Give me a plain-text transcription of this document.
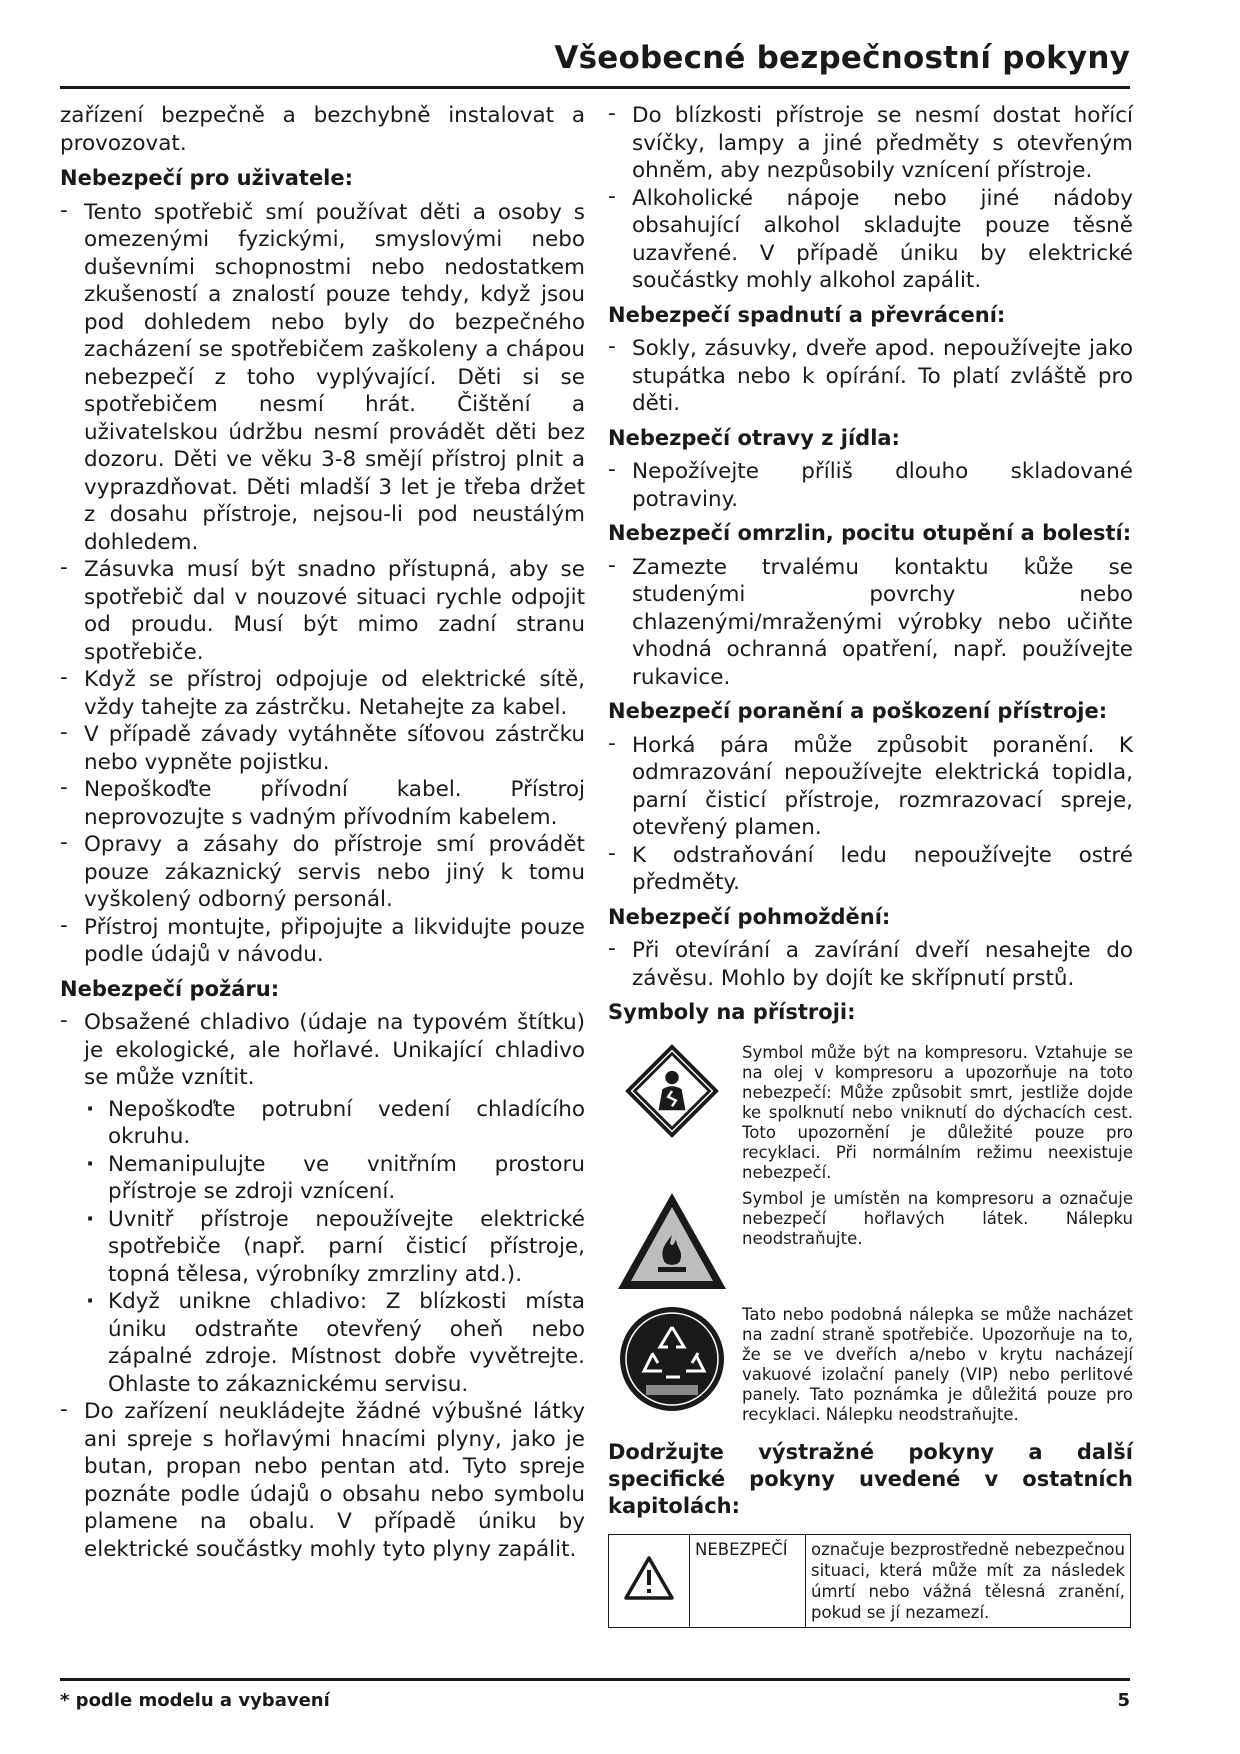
Všeobecné bezpečnostní pokyny

zařízení bezpečně a bezchybně instalovat a provozovat.

Nebezpečí pro uživatele:
- Tento spotřebič smí používat děti a osoby s omezenými fyzickými, smyslovými nebo duševními schopnostmi nebo nedostatkem zkušeností a znalostí pouze tehdy, když jsou pod dohledem nebo byly do bezpečného zacházení se spotřebičem zaškoleny a chápou nebezpečí z toho vyplývající. Děti si se spotřebičem nesmí hrát. Čištění a uživatelskou údržbu nesmí provádět děti bez dozoru. Děti ve věku 3-8 smějí přístroj plnit a vyprazdňovat. Děti mladší 3 let je třeba držet z dosahu přístroje, nejsou-li pod neustálým dohledem.
- Zásuvka musí být snadno přístupná, aby se spotřebič dal v nouzové situaci rychle odpojit od proudu. Musí být mimo zadní stranu spotřebiče.
- Když se přístroj odpojuje od elektrické sítě, vždy tahejte za zástrčku. Netahejte za kabel.
- V případě závady vytáhněte síťovou zástrčku nebo vypněte pojistku.
- Nepoškoďte přívodní kabel. Přístroj neprovozujte s vadným přívodním kabelem.
- Opravy a zásahy do přístroje smí provádět pouze zákaznický servis nebo jiný k tomu vyškolený odborný personál.
- Přístroj montujte, připojujte a likvidujte pouze podle údajů v návodu.
Nebezpečí požáru:
- Obsažené chladivo (údaje na typovém štítku) je ekologické, ale hořlavé. Unikající chladivo se může vznítit.
· Nepoškoďte potrubní vedení chladícího okruhu.
· Nemanipulujte ve vnitřním prostoru přístroje se zdroji vznícení.
· Uvnitř přístroje nepoužívejte elektrické spotřebiče (např. parní čisticí přístroje, topná tělesa, výrobníky zmrzliny atd.).
· Když unikne chladivo: Z blízkosti místa úniku odstraňte otevřený oheň nebo zápalné zdroje. Místnost dobře vyvětrejte. Ohlaste to zákaznickému servisu.
- Do zařízení neukládejte žádné výbušné látky ani spreje s hořlavými hnacími plyny, jako je butan, propan nebo pentan atd. Tyto spreje poznáte podle údajů o obsahu nebo symbolu plamene na obalu. V případě úniku by elektrické součástky mohly tyto plyny zapálit.
- Do blízkosti přístroje se nesmí dostat hořící svíčky, lampy a jiné předměty s otevřeným ohněm, aby nezpůsobily vznícení přístroje.
- Alkoholické nápoje nebo jiné nádoby obsahující alkohol skladujte pouze těsně uzavřené. V případě úniku by elektrické součástky mohly alkohol zapálit.
Nebezpečí spadnutí a převrácení:
- Sokly, zásuvky, dveře apod. nepoužívejte jako stupátka nebo k opírání. To platí zvláště pro děti.
Nebezpečí otravy z jídla:
- Nepožívejte příliš dlouho skladované potraviny.
Nebezpečí omrzlin, pocitu otupění a bolestí:
- Zamezte trvalému kontaktu kůže se studenými povrchy nebo chlazenými/mraženými výrobky nebo učiňte vhodná ochranná opatření, např. používejte rukavice.
Nebezpečí poranění a poškození přístroje:
- Horká pára může způsobit poranění. K odmrazování nepoužívejte elektrická topidla, parní čisticí přístroje, rozmrazovací spreje, otevřený plamen.
- K odstraňování ledu nepoužívejte ostré předměty.
Nebezpečí pohmoždění:
- Při otevírání a zavírání dveří nesahejte do závěsu. Mohlo by dojít ke skřípnutí prstů.
Symboly na přístroji:
Symbol může být na kompresoru. Vztahuje se na olej v kompresoru a upozorňuje na toto nebezpečí: Může způsobit smrt, jestliže dojde ke spolknutí nebo vniknutí do dýchacích cest. Toto upozornění je důležité pouze pro recyklaci. Při normálním režimu neexistuje nebezpečí.
Symbol je umístěn na kompresoru a označuje nebezpečí hořlavých látek. Nálepku neodstraňujte.
Tato nebo podobná nálepka se může nacházet na zadní straně spotřebiče. Upozorňuje na to, že se ve dveřích a/nebo v krytu nacházejí vakuové izolační panely (VIP) nebo perlitové panely. Tato poznámka je důležitá pouze pro recyklaci. Nálepku neodstraňujte.
Dodržujte výstražné pokyny a další specifické pokyny uvedené v ostatních kapitolách:
	NEBEZPEČÍ	označuje bezprostředně nebezpečnou situaci, která může mít za následek úmrtí nebo vážná tělesná zranění, pokud se jí nezamezí.
* podle modelu a vybavení	5
